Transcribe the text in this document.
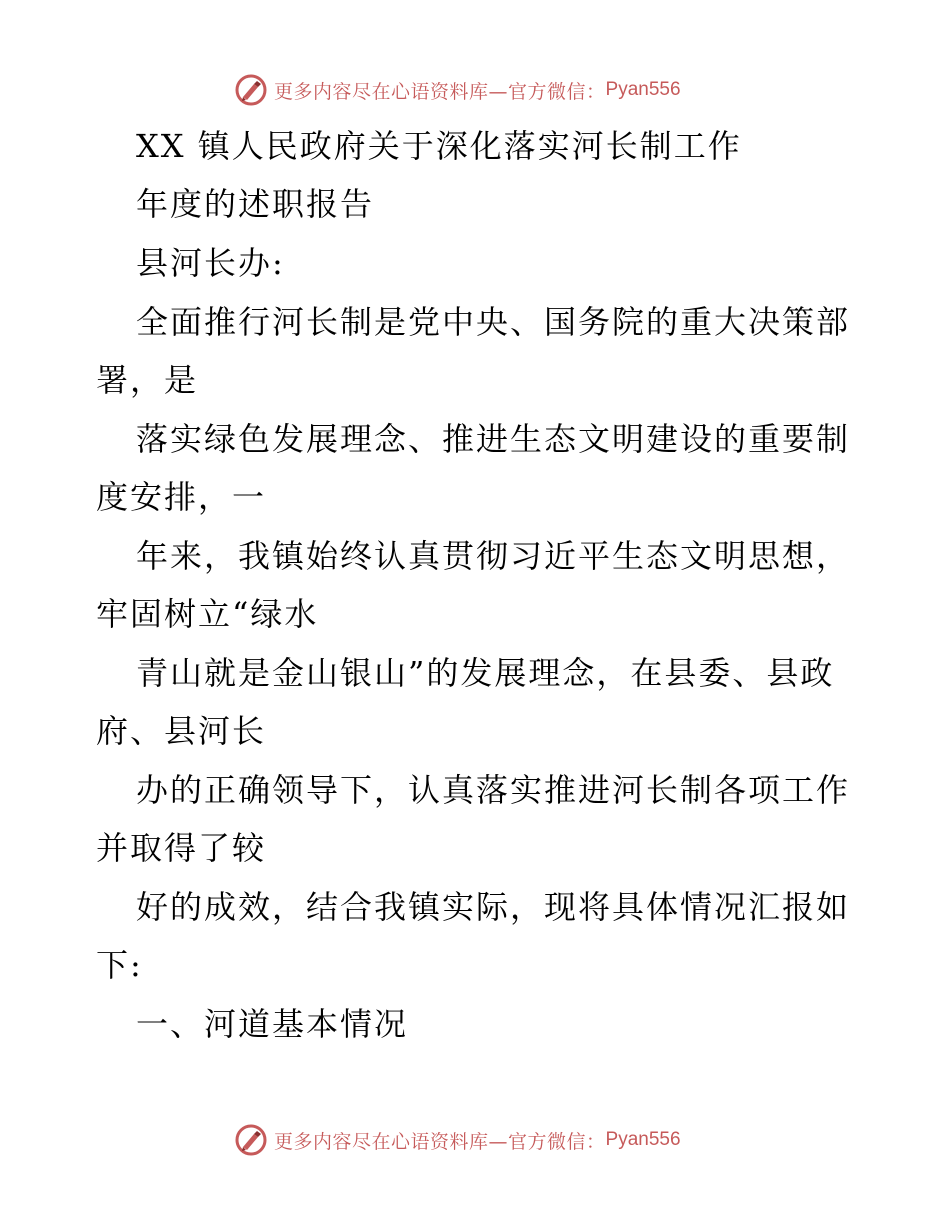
更多内容尽在心语资料库—官方微信： Pyan556
XX 镇人民政府关于深化落实河长制工作
年度的述职报告
县河长办:
全面推行河长制是党中央、国务院的重大决策部
署，是
落实绿色发展理念、推进生态文明建设的重要制
度安排，一
年来，我镇始终认真贯彻习近平生态文明思想，
牢固树立“绿水
青山就是金山银山”的发展理念，在县委、县政
府、县河长
办的正确领导下，认真落实推进河长制各项工作
并取得了较
好的成效，结合我镇实际，现将具体情况汇报如
下:
一、河道基本情况
更多内容尽在心语资料库—官方微信： Pyan556
